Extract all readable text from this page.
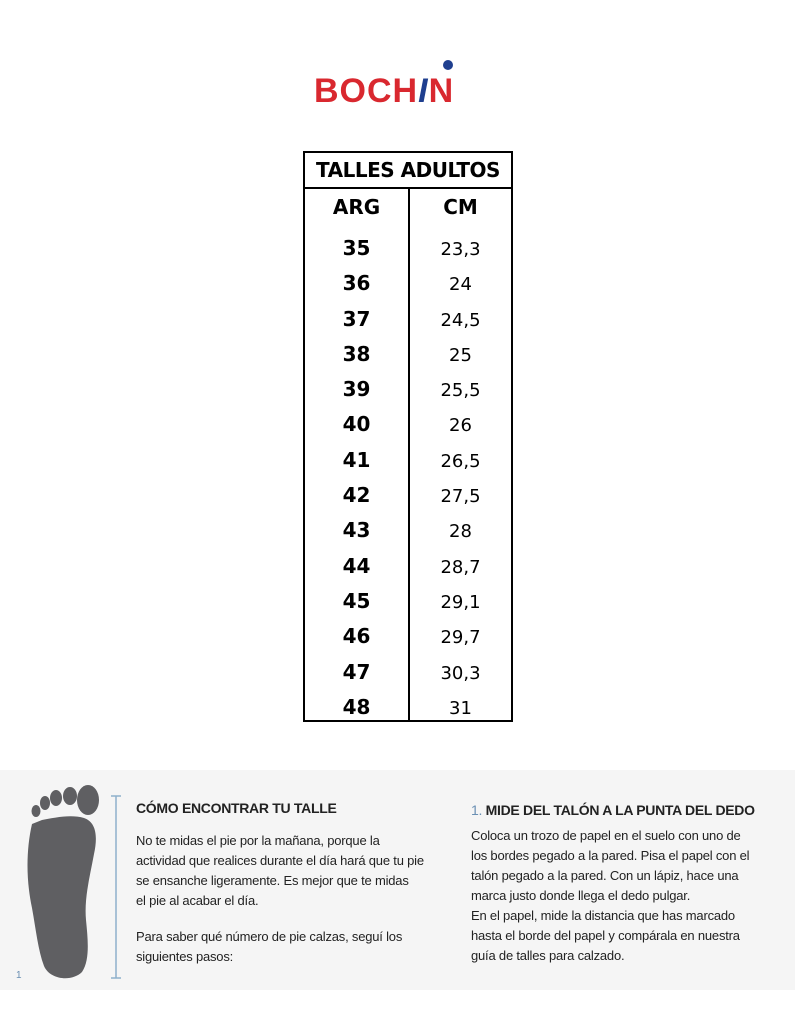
BOCHIN
TALLES ADULTOS
ARG	CM
35	23,3
36	24
37	24,5
38	25
39	25,5
40	26
41	26,5
42	27,5
43	28
44	28,7
45	29,1
46	29,7
47	30,3
48	31
1
CÓMO ENCONTRAR TU TALLE
No te midas el pie por la mañana, porque la
actividad que realices durante el día hará que tu pie
se ensanche ligeramente. Es mejor que te midas
el pie al acabar el día.
Para saber qué número de pie calzas, seguí los
siguientes pasos:
1. MIDE DEL TALÓN A LA PUNTA DEL DEDO
Coloca un trozo de papel en el suelo con uno de
los bordes pegado a la pared. Pisa el papel con el
talón pegado a la pared. Con un lápiz, hace una
marca justo donde llega el dedo pulgar.
En el papel, mide la distancia que has marcado
hasta el borde del papel y compárala en nuestra
guía de talles para calzado.
